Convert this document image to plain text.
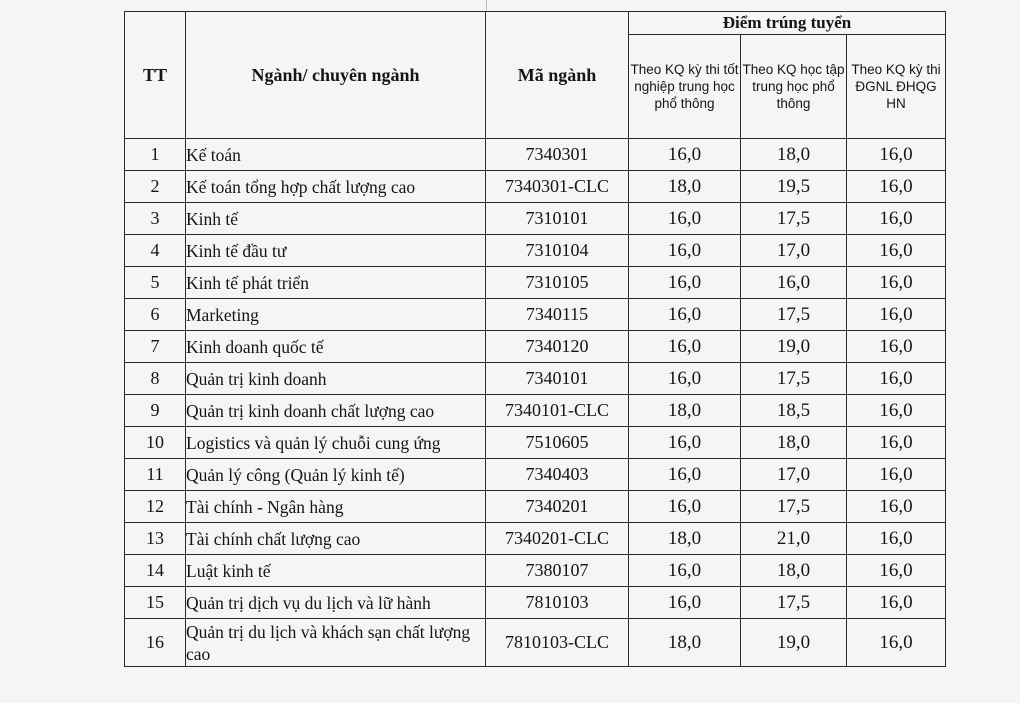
TT	Ngành/ chuyên ngành	Mã ngành	Điểm trúng tuyển		
			Theo KQ kỳ thi tốt nghiệp trung học phổ thông	Theo KQ học tập trung học phổ thông	Theo KQ kỳ thi ĐGNL ĐHQG HN
1	Kế toán	7340301	16,0	18,0	16,0
2	Kế toán tổng hợp chất lượng cao	7340301-CLC	18,0	19,5	16,0
3	Kinh tế	7310101	16,0	17,5	16,0
4	Kinh tế đầu tư	7310104	16,0	17,0	16,0
5	Kinh tế phát triển	7310105	16,0	16,0	16,0
6	Marketing	7340115	16,0	17,5	16,0
7	Kinh doanh quốc tế	7340120	16,0	19,0	16,0
8	Quản trị kinh doanh	7340101	16,0	17,5	16,0
9	Quản trị kinh doanh chất lượng cao	7340101-CLC	18,0	18,5	16,0
10	Logistics và quản lý chuỗi cung ứng	7510605	16,0	18,0	16,0
11	Quản lý công (Quản lý kinh tế)	7340403	16,0	17,0	16,0
12	Tài chính - Ngân hàng	7340201	16,0	17,5	16,0
13	Tài chính chất lượng cao	7340201-CLC	18,0	21,0	16,0
14	Luật kinh tế	7380107	16,0	18,0	16,0
15	Quản trị dịch vụ du lịch và lữ hành	7810103	16,0	17,5	16,0
16	Quản trị du lịch và khách sạn chất lượng cao	7810103-CLC	18,0	19,0	16,0
